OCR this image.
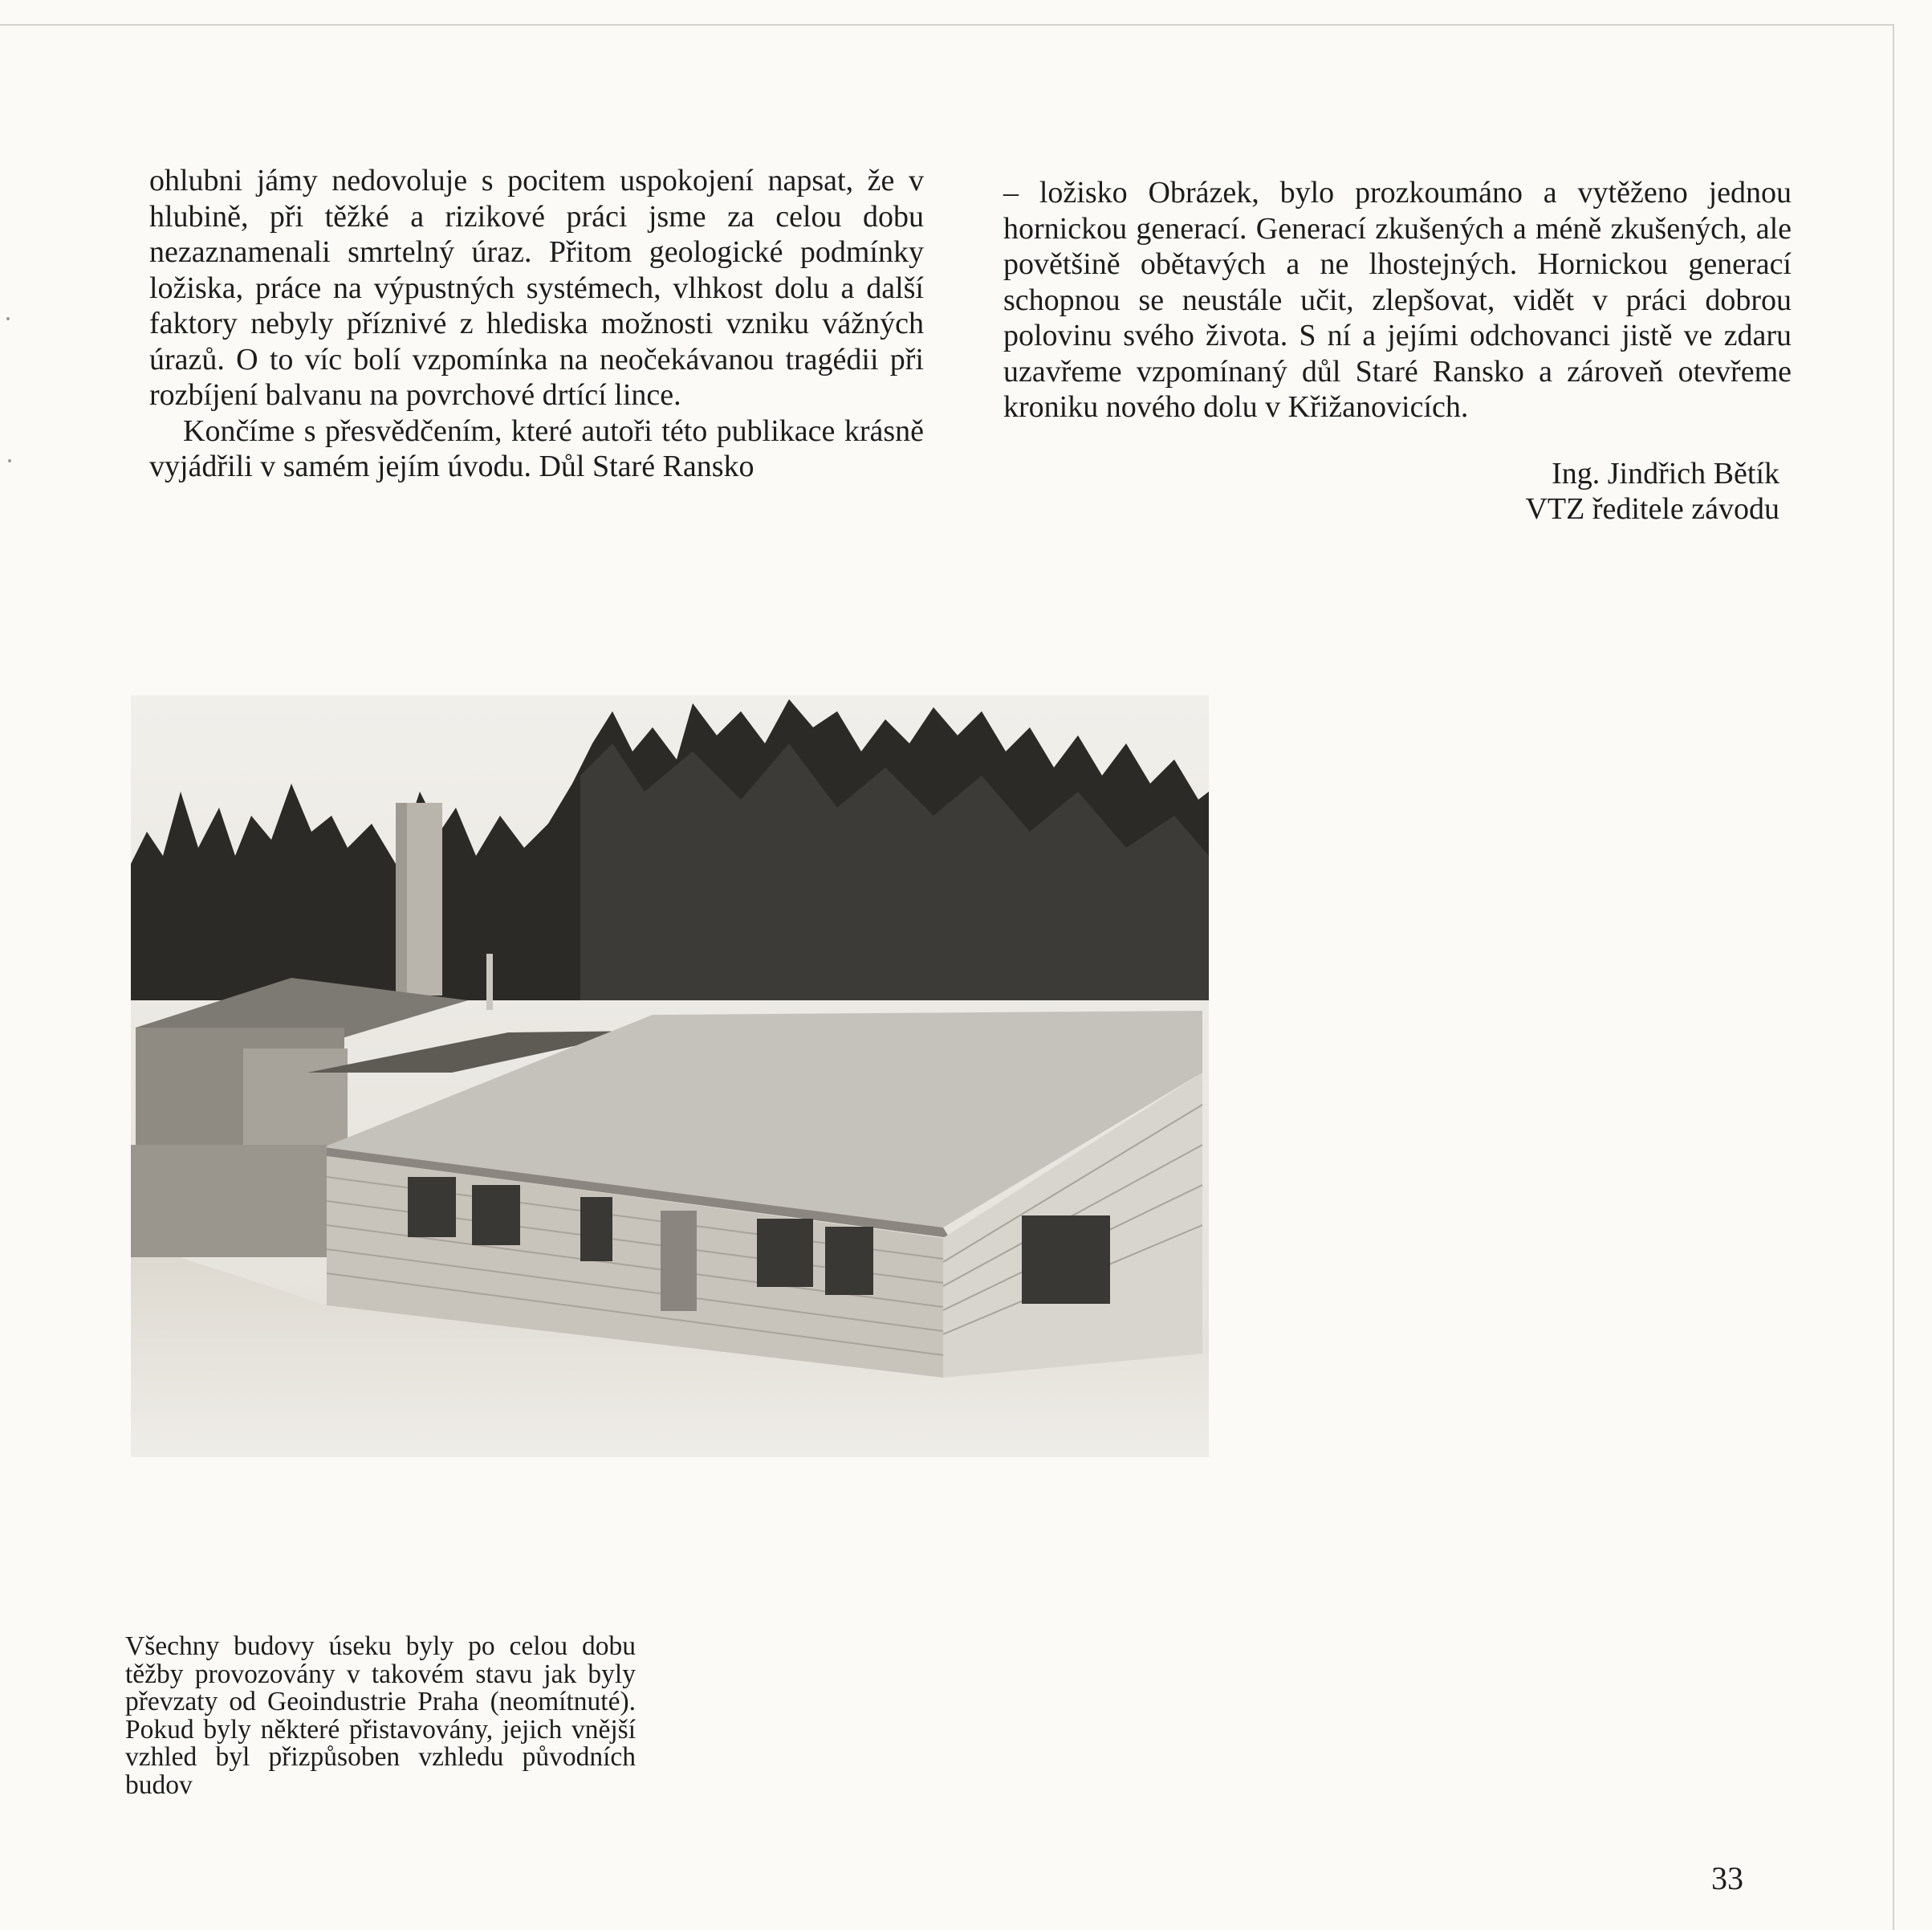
ohlubni jámy nedovoluje s pocitem uspokojení napsat, že v hlubině, při těžké a rizikové práci jsme za celou dobu nezaznamenali smrtelný úraz. Přitom geologické podmínky ložiska, práce na výpustných systémech, vlhkost dolu a další faktory nebyly příznivé z hlediska možnosti vzniku vážných úrazů. O to víc bolí vzpomínka na neočekávanou tragédii při rozbíjení balvanu na povrchové drtící lince.

Končíme s přesvědčením, které autoři této publikace krásně vyjádřili v samém jejím úvodu. Důl Staré Ransko

– ložisko Obrázek, bylo prozkoumáno a vytěženo jednou hornickou generací. Generací zkušených a méně zkušených, ale povětšině obětavých a ne lhostejných. Hornickou generací schopnou se neustále učit, zlepšovat, vidět v práci dobrou polovinu svého života. S ní a jejími odchovanci jistě ve zdaru uzavřeme vzpomínaný důl Staré Ransko a zároveň otevřeme kroniku nového dolu v Křižanovicích.

Ing. Jindřich Bětík
VTZ ředitele závodu
Všechny budovy úseku byly po celou dobu těžby provozovány v takovém stavu jak byly převzaty od Geoindustrie Praha (neomítnuté). Pokud byly některé přistavovány, jejich vnější vzhled byl přizpůsoben vzhledu původních budov
33
